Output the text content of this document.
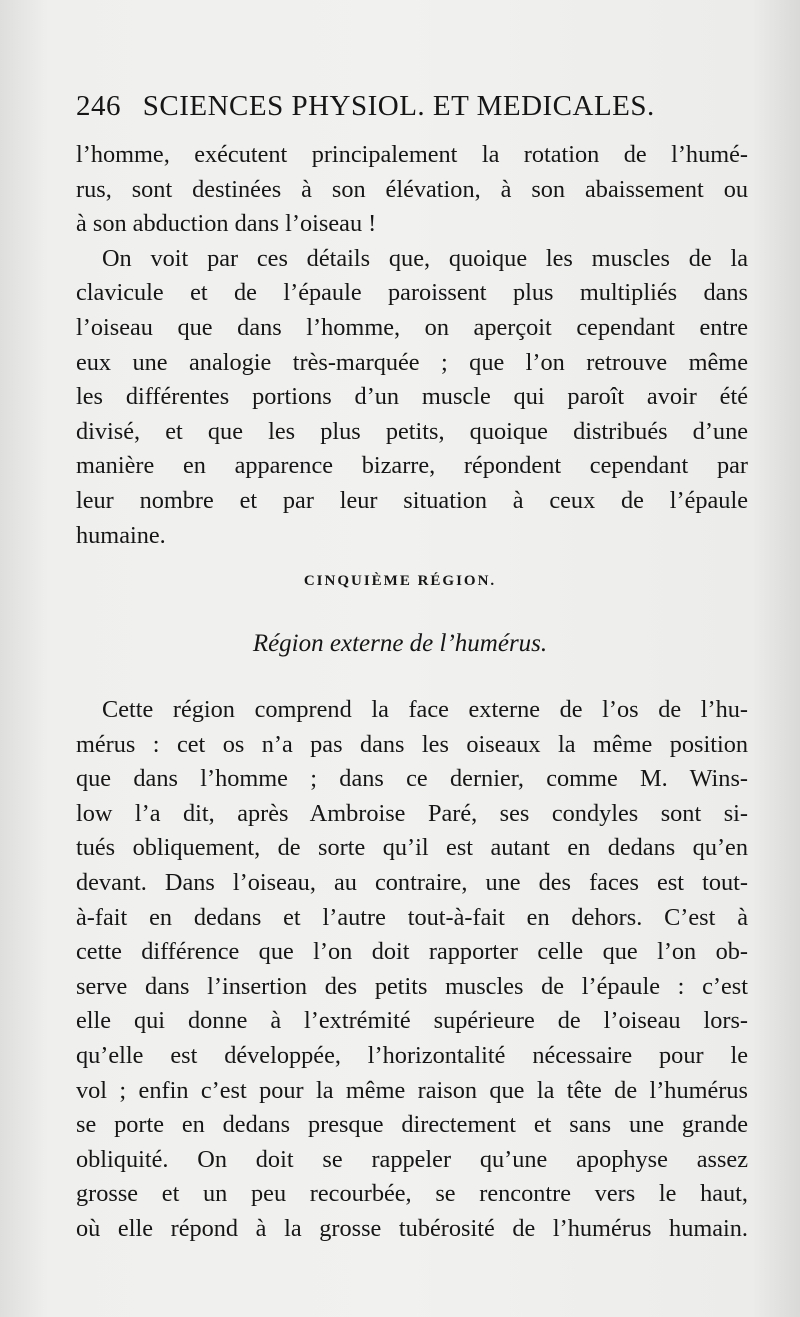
246 SCIENCES PHYSIOL. ET MEDICALES.
l’homme, exécutent principalement la rotation de l’humé-
rus, sont destinées à son élévation, à son abaissement ou
à son abduction dans l’oiseau !
On voit par ces détails que, quoique les muscles de la
clavicule et de l’épaule paroissent plus multipliés dans
l’oiseau que dans l’homme, on aperçoit cependant entre
eux une analogie très-marquée ; que l’on retrouve même
les différentes portions d’un muscle qui paroît avoir été
divisé, et que les plus petits, quoique distribués d’une
manière en apparence bizarre, répondent cependant par
leur nombre et par leur situation à ceux de l’épaule
humaine.
CINQUIÈME RÉGION.
Région externe de l’humérus.
Cette région comprend la face externe de l’os de l’hu-
mérus : cet os n’a pas dans les oiseaux la même position
que dans l’homme ; dans ce dernier, comme M. Wins-
low l’a dit, après Ambroise Paré, ses condyles sont si-
tués obliquement, de sorte qu’il est autant en dedans qu’en
devant. Dans l’oiseau, au contraire, une des faces est tout-
à-fait en dedans et l’autre tout-à-fait en dehors. C’est à
cette différence que l’on doit rapporter celle que l’on ob-
serve dans l’insertion des petits muscles de l’épaule : c’est
elle qui donne à l’extrémité supérieure de l’oiseau lors-
qu’elle est développée, l’horizontalité nécessaire pour le
vol ; enfin c’est pour la même raison que la tête de l’humérus
se porte en dedans presque directement et sans une grande
obliquité. On doit se rappeler qu’une apophyse assez
grosse et un peu recourbée, se rencontre vers le haut,
où elle répond à la grosse tubérosité de l’humérus humain.
